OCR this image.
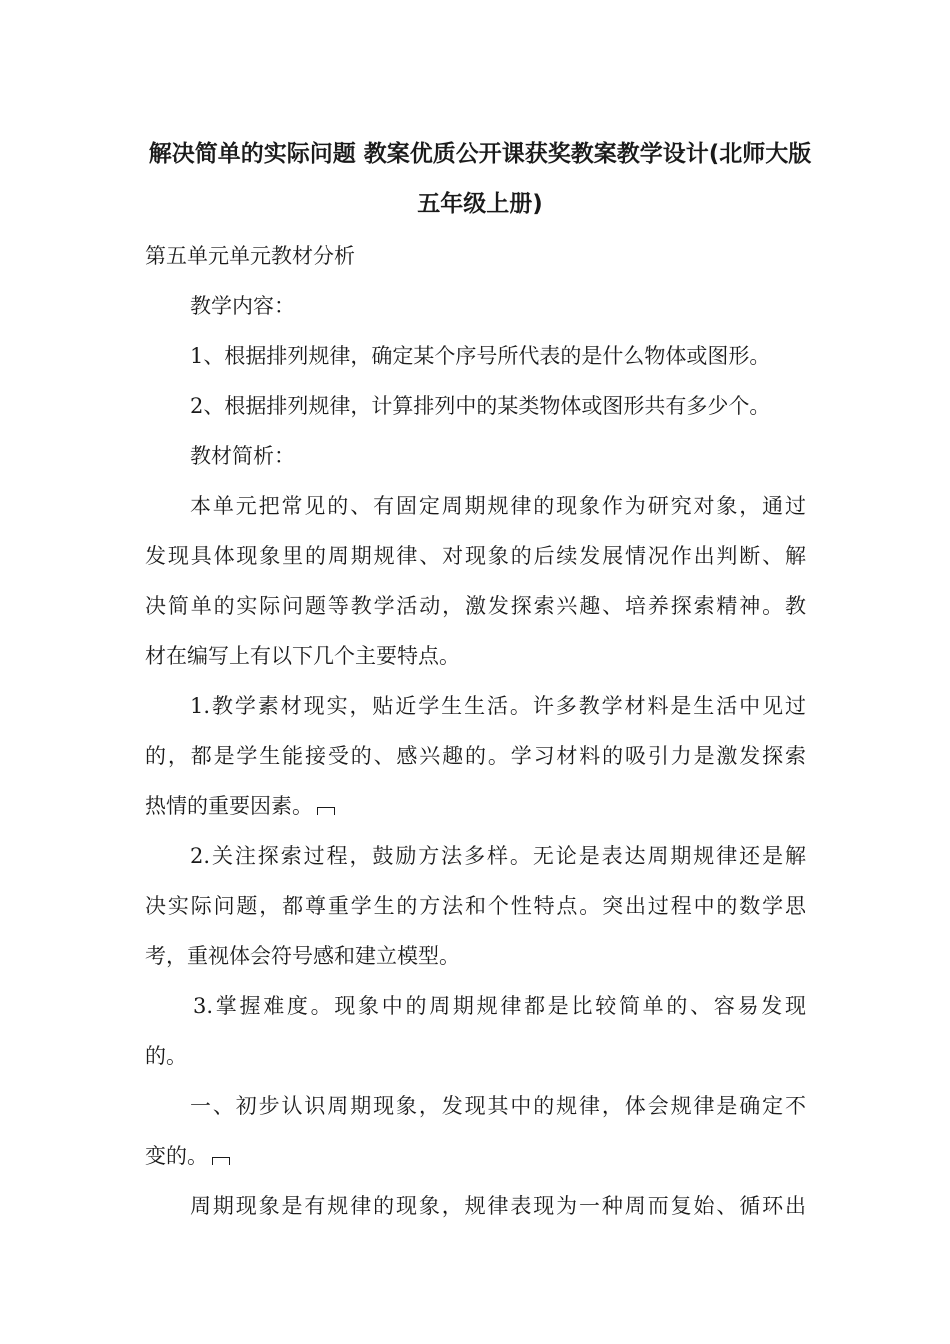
解决简单的实际问题 教案优质公开课获奖教案教学设计(北师大版
五年级上册)
第五单元单元教材分析
教学内容：
1、根据排列规律，确定某个序号所代表的是什么物体或图形。
2、根据排列规律，计算排列中的某类物体或图形共有多少个。
教材简析：
本单元把常见的、有固定周期规律的现象作为研究对象，通过
发现具体现象里的周期规律、对现象的后续发展情况作出判断、解
决简单的实际问题等教学活动，激发探索兴趣、培养探索精神。教
材在编写上有以下几个主要特点。
1.教学素材现实，贴近学生生活。许多教学材料是生活中见过
的，都是学生能接受的、感兴趣的。学习材料的吸引力是激发探索
热情的重要因素。
2.关注探索过程，鼓励方法多样。无论是表达周期规律还是解
决实际问题，都尊重学生的方法和个性特点。突出过程中的数学思
考，重视体会符号感和建立模型。
3.掌握难度。现象中的周期规律都是比较简单的、容易发现
的。
一、初步认识周期现象，发现其中的规律，体会规律是确定不
变的。
周期现象是有规律的现象，规律表现为一种周而复始、循环出
